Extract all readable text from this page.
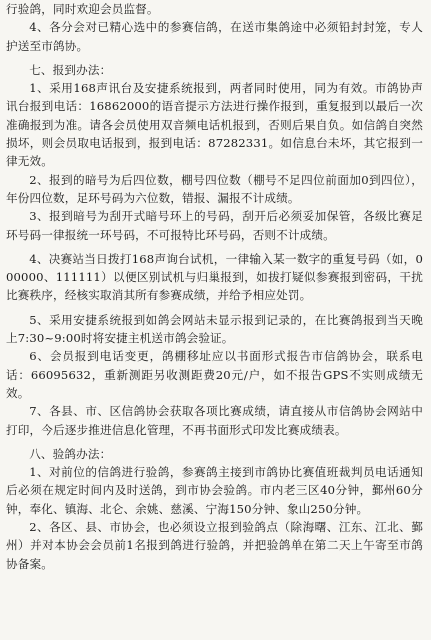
行验鸽，同时欢迎会员监督。

4、各分会对已精心选中的参赛信鸽，在送市集鸽途中必须铅封封笼，专人护送至市鸽协。

七、报到办法：

1、采用168声讯台及安捷系统报到，两者同时使用，同为有效。市鸽协声讯台报到电话：16862000的语音提示方法进行操作报到，重复报到以最后一次准确报到为准。请各会员使用双音频电话机报到，否则后果自负。如信鸽自突然损坏，则会员取电话报到，报到电话：87282331。如信息台未坏，其它报到一律无效。

2、报到的暗号为后四位数，棚号四位数（棚号不足四位前面加0到四位），年份四位数，足环号码为六位数，错报、漏报不计成绩。

3、报到暗号为刮开式暗号环上的号码，刮开后必须妥加保管，各级比赛足环号码一律报统一环号码，不可报特比环号码，否则不计成绩。

4、决赛站当日拨打168声询台试机，一律输入某一数字的重复号码（如，000000、111111）以便区别试机与归巢报到，如拔打疑似参赛报到密码，干扰比赛秩序，经核实取消其所有参赛成绩，并给予相应处罚。

5、采用安捷系统报到如鸽会网站未显示报到记录的，在比赛鸽报到当天晚上7:30~9:00时将安捷主机送市鸽会验证。

6、会员报到电话变更，鸽棚移址应以书面形式报告市信鸽协会，联系电话：66095632，重新测距另收测距费20元/户，如不报告GPS不实则成绩无效。

7、各县、市、区信鸽协会获取各项比赛成绩，请直接从市信鸽协会网站中打印，今后逐步推进信息化管理，不再书面形式印发比赛成绩表。

八、验鸽办法：

1、对前位的信鸽进行验鸽，参赛鸽主接到市鸽协比赛值班裁判员电话通知后必须在规定时间内及时送鸽，到市协会验鸽。市内老三区40分钟，鄞州60分钟，奉化、镇海、北仑、余姚、慈溪、宁海150分钟、象山250分钟。

2、各区、县、市协会，也必须设立报到验鸽点（除海曙、江东、江北、鄞州）并对本协会会员前1名报到鸽进行验鸽，并把验鸽单在第二天上午寄至市鸽协备案。
